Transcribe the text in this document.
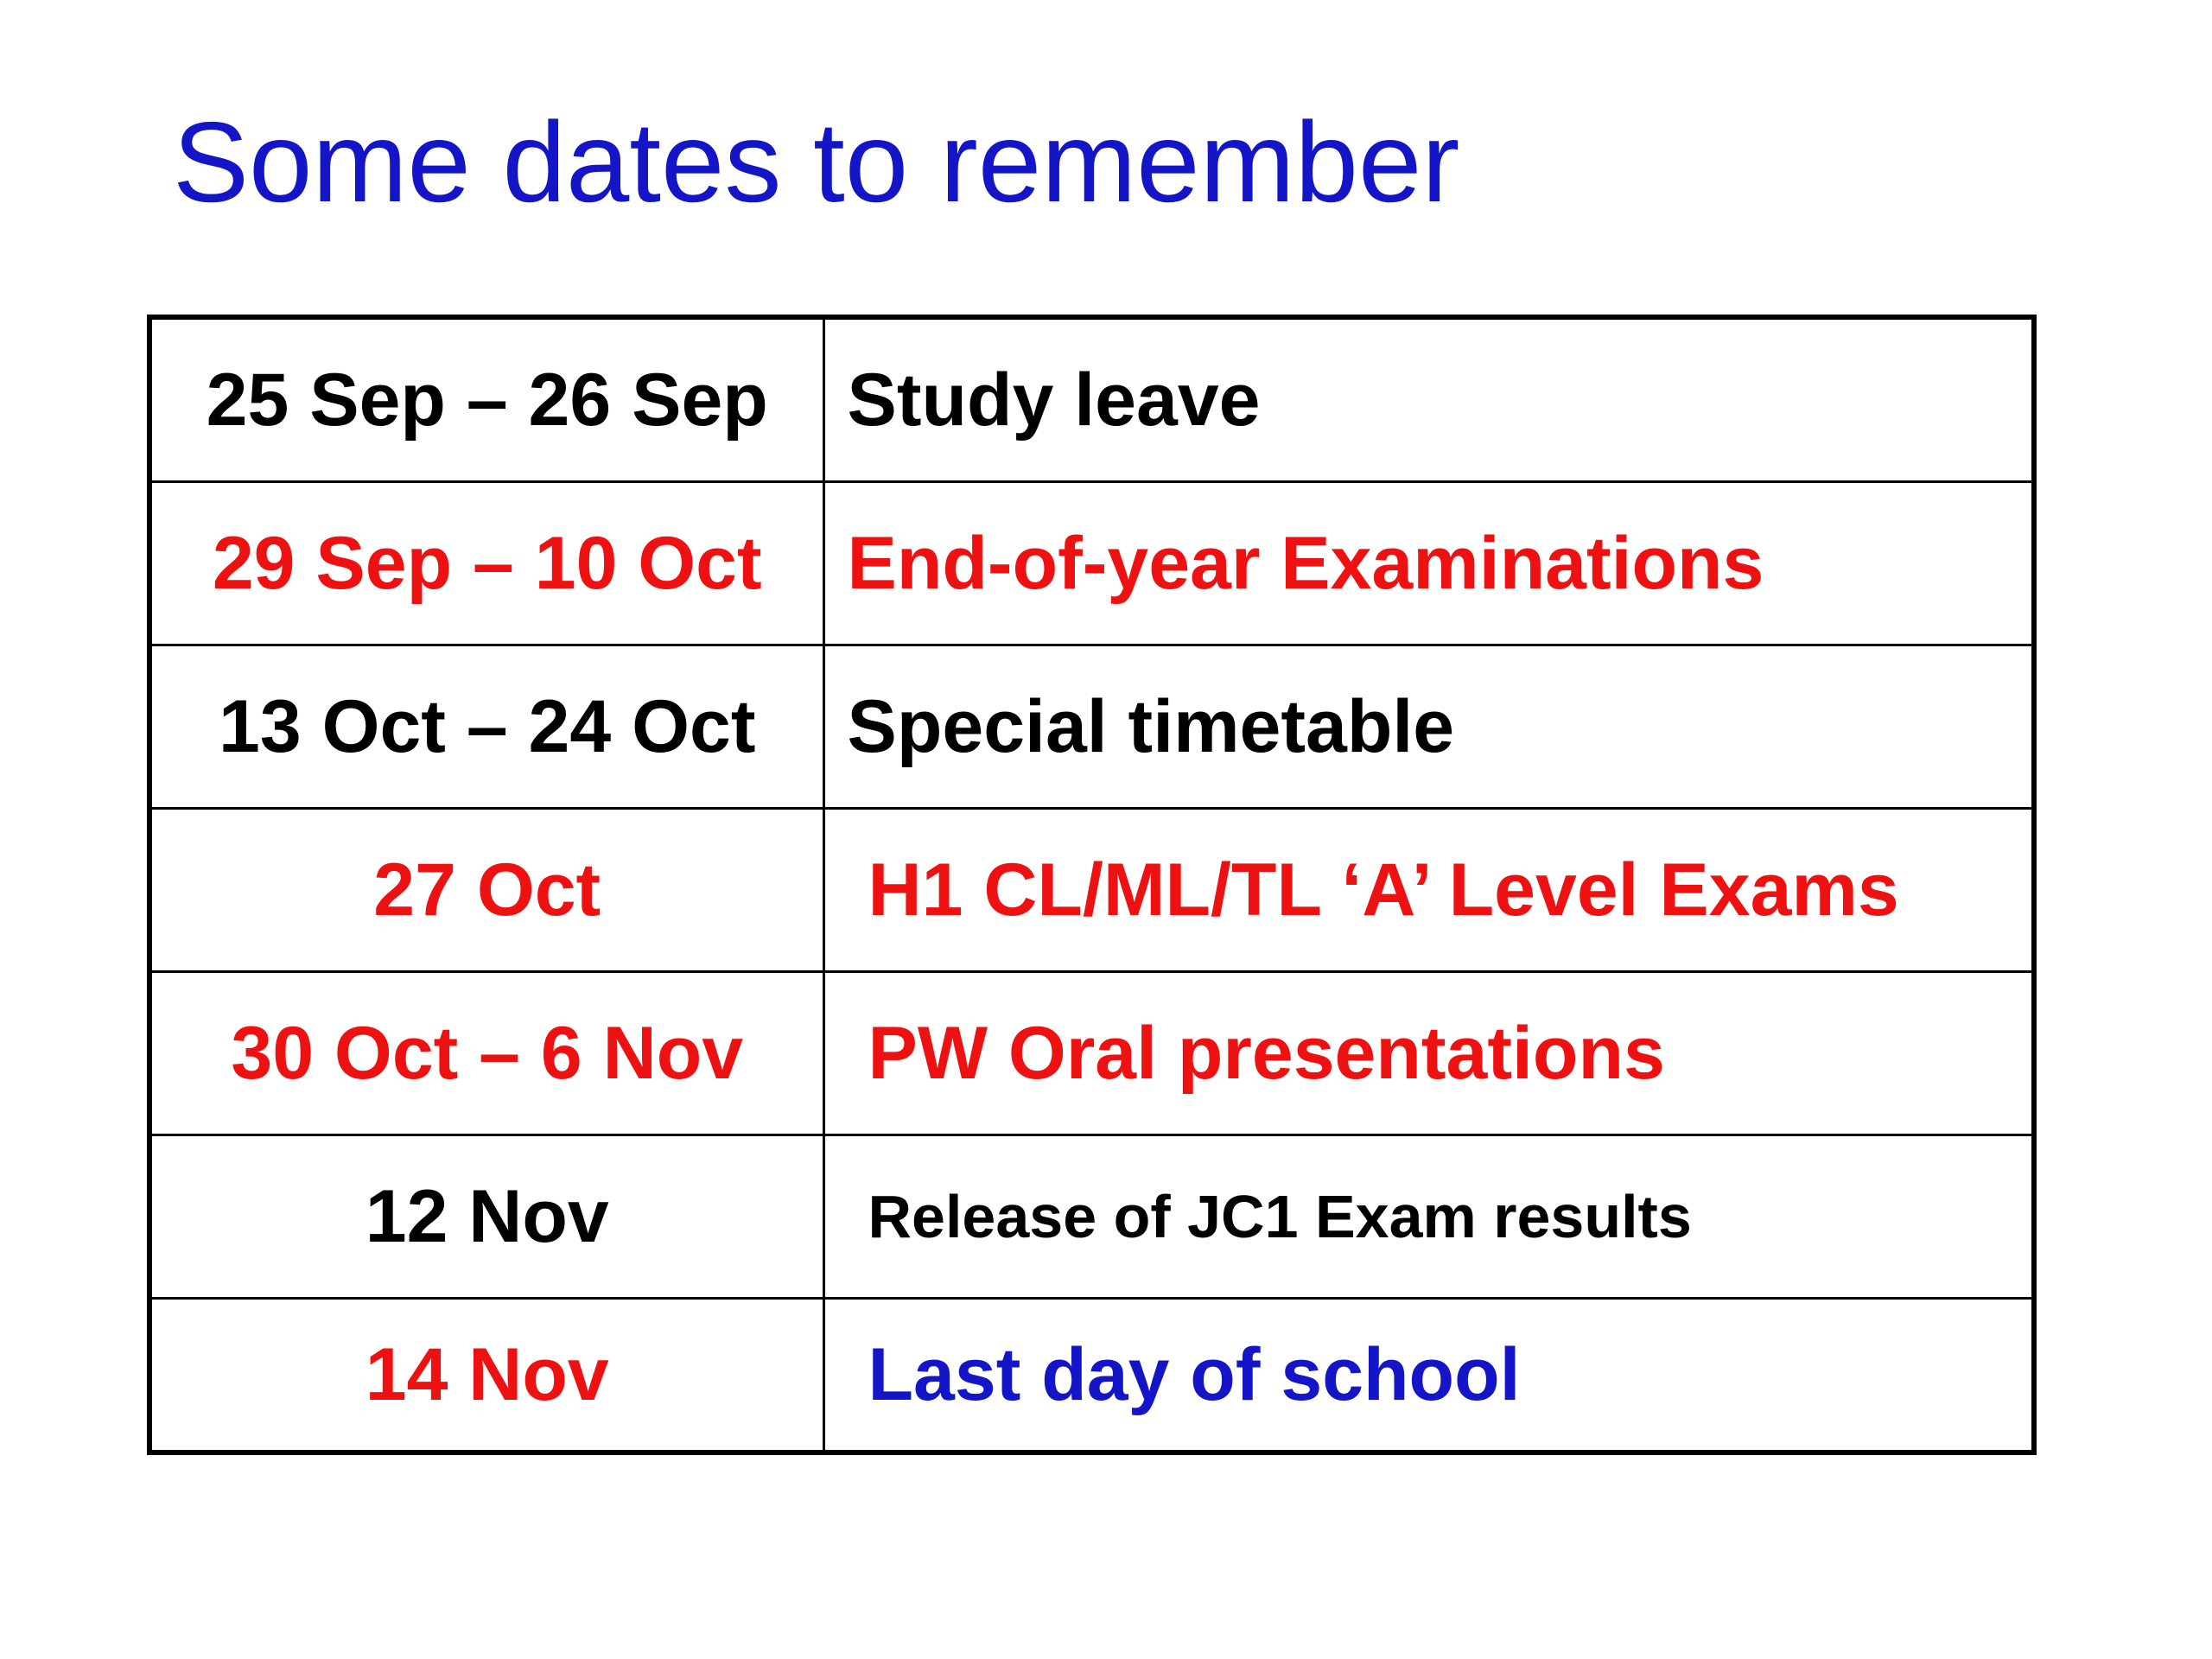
Some dates to remember
25 Sep – 26 Sep	Study leave
29 Sep – 10 Oct	End-of-year Examinations
13 Oct – 24 Oct	Special timetable
27 Oct	H1 CL/ML/TL ‘A’ Level Exams
30 Oct – 6 Nov	PW Oral presentations
12 Nov	Release of JC1 Exam results
14 Nov	Last day of school
